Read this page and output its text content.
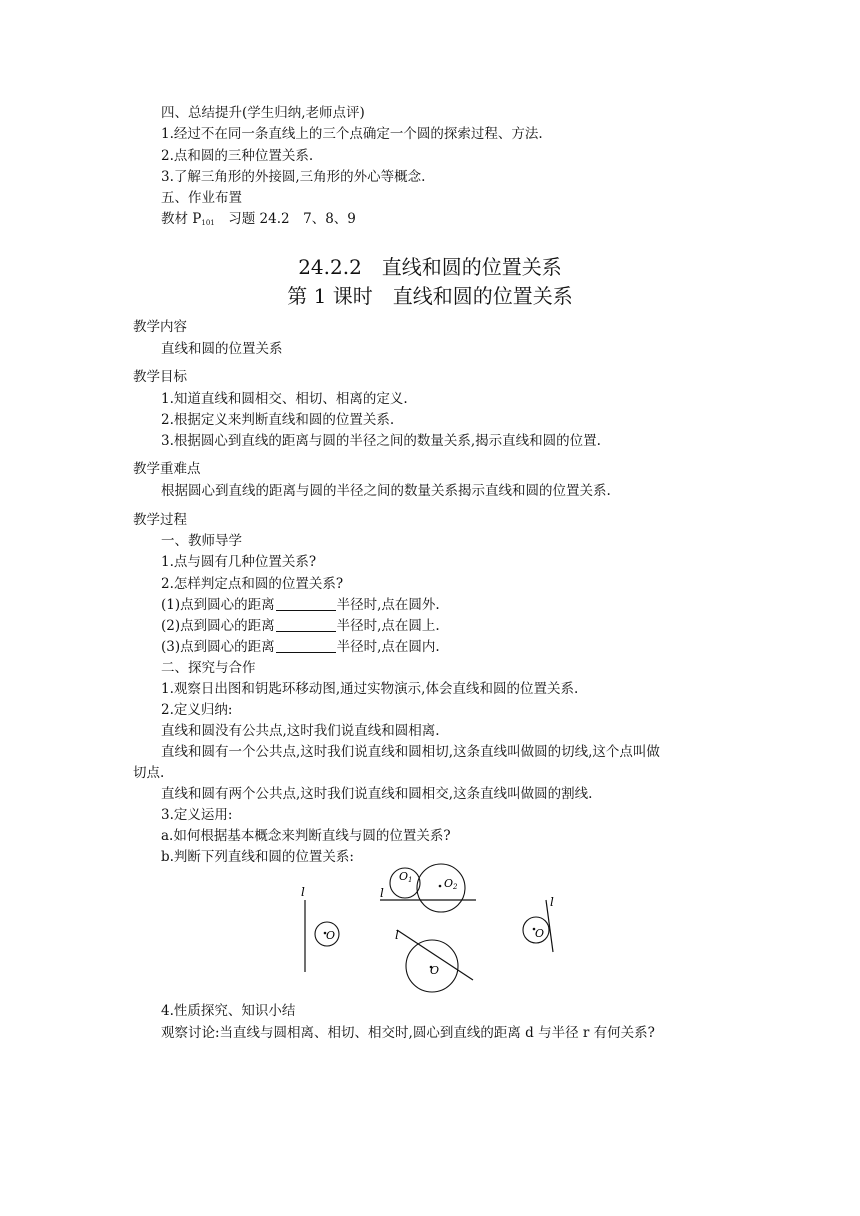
四、总结提升(学生归纳,老师点评)
1.经过不在同一条直线上的三个点确定一个圆的探索过程、方法.
2.点和圆的三种位置关系.
3.了解三角形的外接圆,三角形的外心等概念.
五、作业布置
教材 $P_{101}$　习题 24.2　7、8、9
24.2.2　直线和圆的位置关系
第 1 课时　直线和圆的位置关系
教学内容
直线和圆的位置关系
教学目标
1.知道直线和圆相交、相切、相离的定义.
2.根据定义来判断直线和圆的位置关系.
3.根据圆心到直线的距离与圆的半径之间的数量关系,揭示直线和圆的位置.
教学重难点
根据圆心到直线的距离与圆的半径之间的数量关系揭示直线和圆的位置关系.
教学过程
一、教师导学
1.点与圆有几种位置关系?
2.怎样判定点和圆的位置关系?
(1)点到圆心的距离	半径时,点在圆外.
(2)点到圆心的距离	半径时,点在圆上.
(3)点到圆心的距离	半径时,点在圆内.
二、探究与合作
1.观察日出图和钥匙环移动图,通过实物演示,体会直线和圆的位置关系.
2.定义归纳:
直线和圆没有公共点,这时我们说直线和圆相离.
直线和圆有一个公共点,这时我们说直线和圆相切,这条直线叫做圆的切线,这个点叫做
切点.
直线和圆有两个公共点,这时我们说直线和圆相交,这条直线叫做圆的割线.
3.定义运用:
a.如何根据基本概念来判断直线与圆的位置关系?
b.判断下列直线和圆的位置关系:
l
O
l
O1	O2
l
O
l
O
4.性质探究、知识小结
观察讨论:当直线与圆相离、相切、相交时,圆心到直线的距离 d 与半径 r 有何关系?
